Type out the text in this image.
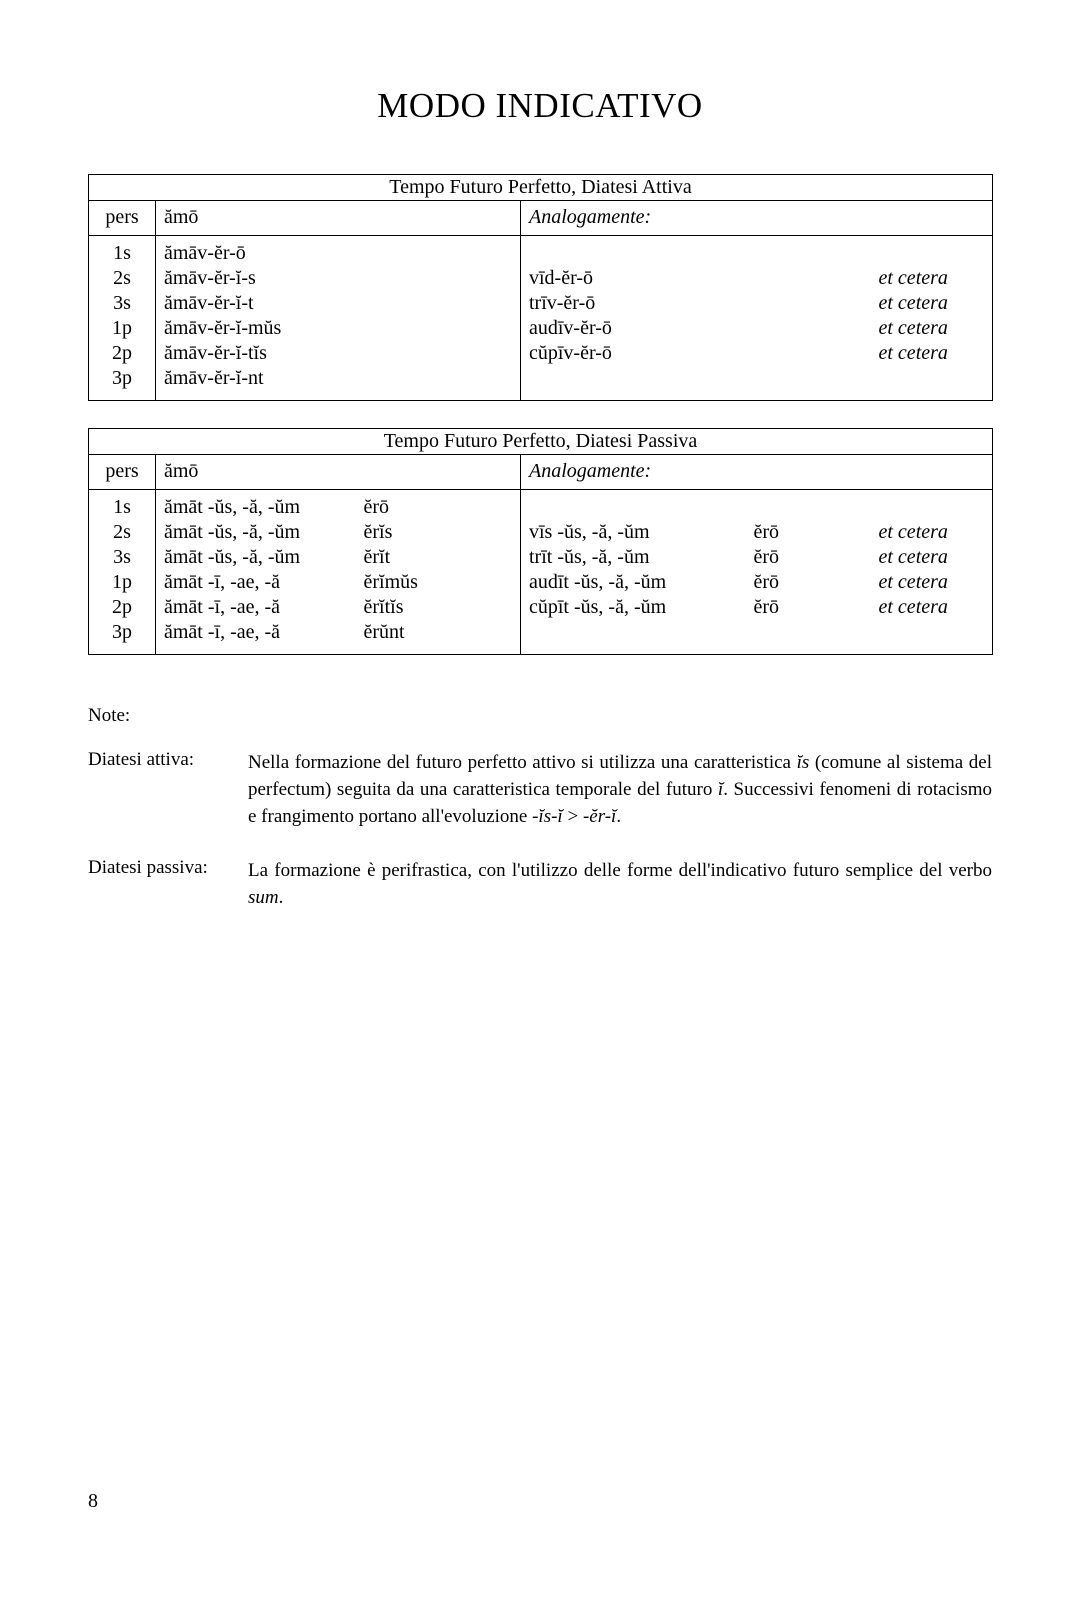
MODO INDICATIVO
Tempo Futuro Perfetto, Diatesi Attiva			
pers	ămō	Analogamente:	
1s	ămāv-ĕr-ō		
2s	ămāv-ĕr-ĭ-s	vīd-ĕr-ō	et cetera
3s	ămāv-ĕr-ĭ-t	trīv-ĕr-ō	et cetera
1p	ămāv-ĕr-ĭ-mŭs	audīv-ĕr-ō	et cetera
2p	ămāv-ĕr-ĭ-tĭs	cŭpīv-ĕr-ō	et cetera
3p	ămāv-ĕr-ĭ-nt		
Tempo Futuro Perfetto, Diatesi Passiva					
pers	ămō		Analogamente:		
1s	ămāt -ŭs, -ă, -ŭm	ĕrō			
2s	ămāt -ŭs, -ă, -ŭm	ĕrĭs	vīs -ŭs, -ă, -ŭm	ĕrō	et cetera
3s	ămāt -ŭs, -ă, -ŭm	ĕrĭt	trīt -ŭs, -ă, -ŭm	ĕrō	et cetera
1p	ămāt -ī, -ae, -ă	ĕrĭmŭs	audīt -ŭs, -ă, -ŭm	ĕrō	et cetera
2p	ămāt -ī, -ae, -ă	ĕrĭtĭs	cŭpīt -ŭs, -ă, -ŭm	ĕrō	et cetera
3p	ămāt -ī, -ae, -ă	ĕrŭnt			

Note:

Diatesi attiva:	Nella formazione del futuro perfetto attivo si utilizza una caratteristica ĭs (comune al sistema del perfectum) seguita da una caratteristica temporale del futuro ĭ. Successivi fenomeni di rotacismo e frangimento portano all'evoluzione -ĭs-ĭ > -ĕr-ĭ.
Diatesi passiva:	La formazione è perifrastica, con l'utilizzo delle forme dell'indicativo futuro semplice del verbo sum.
8
